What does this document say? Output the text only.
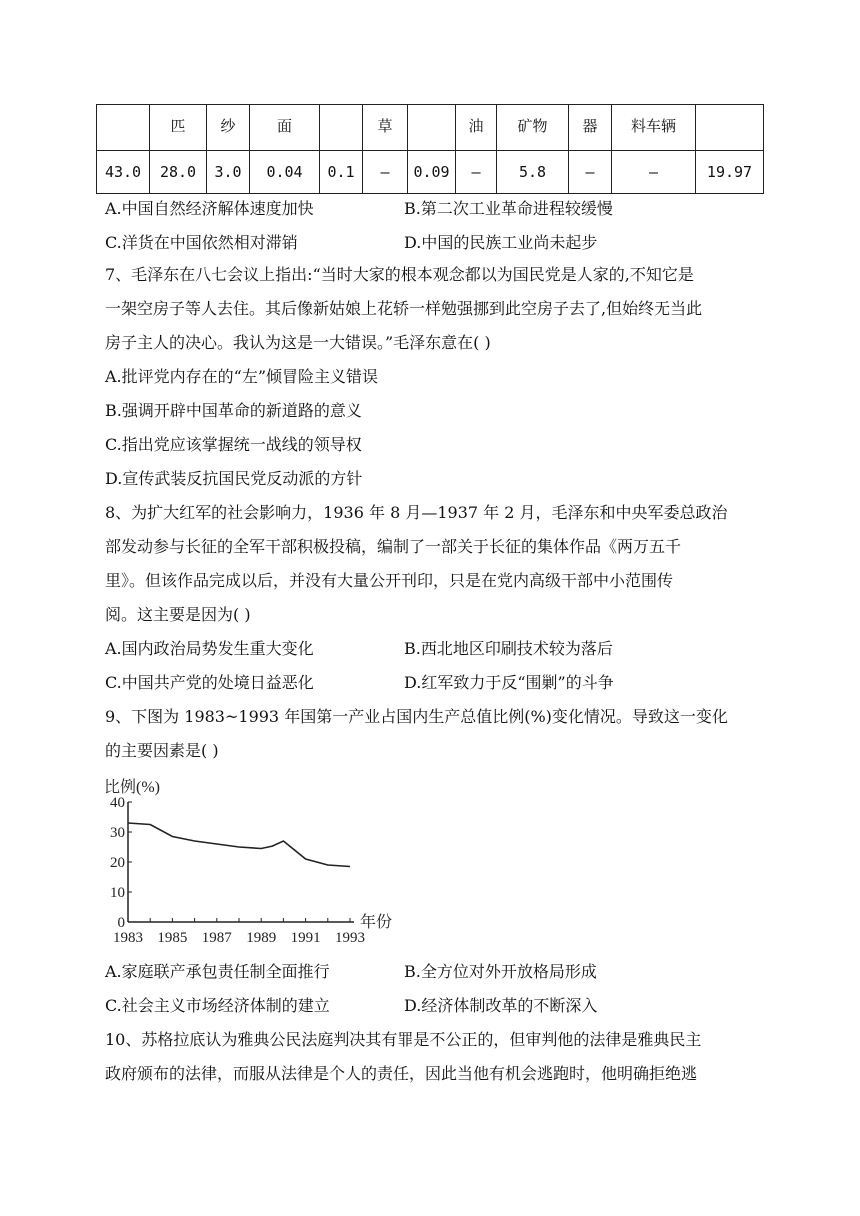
	匹	纱	面		草		油	矿物	器	料车辆	
43.0	28.0	3.0	0.04	0.1	—	0.09	—	5.8	—	—	19.97
A.中国自然经济解体速度加快	B.第二次工业革命进程较缓慢
C.洋货在中国依然相对滞销	D.中国的民族工业尚未起步
7、毛泽东在八七会议上指出:“当时大家的根本观念都以为国民党是人家的,不知它是
一架空房子等人去住。其后像新姑娘上花轿一样勉强挪到此空房子去了,但始终无当此
房子主人的决心。我认为这是一大错误。”毛泽东意在( )
A.批评党内存在的“左”倾冒险主义错误
B.强调开辟中国革命的新道路的意义
C.指出党应该掌握统一战线的领导权
D.宣传武装反抗国民党反动派的方针
8、为扩大红军的社会影响力，1936 年 8 月—1937 年 2 月，毛泽东和中央军委总政治
部发动参与长征的全军干部积极投稿，编制了一部关于长征的集体作品《两万五千
里》。但该作品完成以后，并没有大量公开刊印，只是在党内高级干部中小范围传
阅。这主要是因为( )
A.国内政治局势发生重大变化	B.西北地区印刷技术较为落后
C.中国共产党的处境日益恶化	D.红军致力于反“围剿”的斗争
9、下图为 1983~1993 年国第一产业占国内生产总值比例(%)变化情况。导致这一变化
的主要因素是( )
0
10
20
30
40
1983 1985 1987 1989 1991 1993
比例(%)
年份
A.家庭联产承包责任制全面推行	B.全方位对外开放格局形成
C.社会主义市场经济体制的建立	D.经济体制改革的不断深入
10、苏格拉底认为雅典公民法庭判决其有罪是不公正的，但审判他的法律是雅典民主
政府颁布的法律，而服从法律是个人的责任，因此当他有机会逃跑时，他明确拒绝逃
